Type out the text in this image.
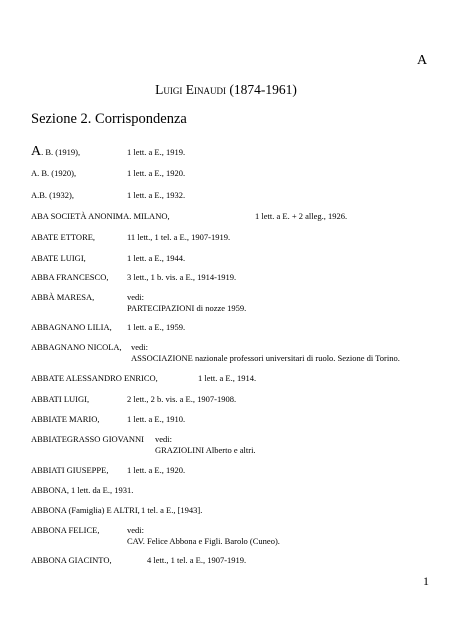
A
Luigi Einaudi (1874-1961)
Sezione 2. Corrispondenza
A. B. (1919),	1 lett. a E., 1919.
A. B. (1920),	1 lett. a E., 1920.
A.B. (1932),	1 lett. a E., 1932.
ABA SOCIETÀ ANONIMA. MILANO,	1 lett. a E. + 2 alleg., 1926.
ABATE ETTORE,	11 lett., 1 tel. a E., 1907-1919.
ABATE LUIGI,	1 lett. a E., 1944.
ABBA FRANCESCO, 3 lett., 1 b. vis. a E., 1914-1919.
ABBÀ MARESA,	vedi:
PARTECIPAZIONI di nozze 1959.
ABBAGNANO LILIA, 1 lett. a E., 1959.
ABBAGNANO NICOLA, vedi:
ASSOCIAZIONE nazionale professori universitari di ruolo. Sezione di Torino.
ABBATE ALESSANDRO ENRICO,	1 lett. a E., 1914.
ABBATI LUIGI,	2 lett., 2 b. vis. a E., 1907-1908.
ABBIATE MARIO,	1 lett. a E., 1910.
ABBIATEGRASSO GIOVANNI vedi:
GRAZIOLINI Alberto e altri.
ABBIATI GIUSEPPE, 1 lett. a E., 1920.
ABBONA, 1 lett. da E., 1931.
ABBONA (Famiglia) E ALTRI,1 tel. a E., [1943].
ABBONA FELICE,	vedi:
CAV. Felice Abbona e Figli. Barolo (Cuneo).
ABBONA GIACINTO,	4 lett., 1 tel. a E., 1907-1919.
1
